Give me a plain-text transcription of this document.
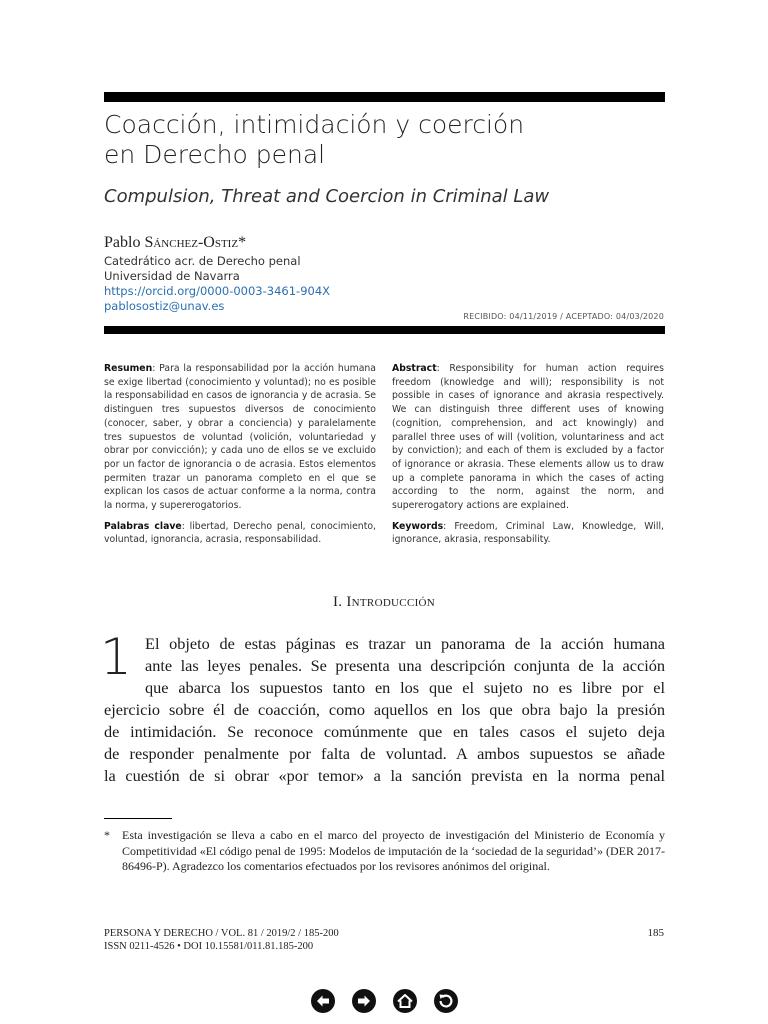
Coacción, intimidación y coerción
en Derecho penal
Compulsion, Threat and Coercion in Criminal Law
Pablo Sánchez-Ostiz*
Catedrático acr. de Derecho penal
Universidad de Navarra
https://orcid.org/0000-0003-3461-904X
pablosostiz@unav.es
RECIBIDO: 04/11/2019 / ACEPTADO: 04/03/2020

Resumen: Para la responsabilidad por la acción humana se exige libertad (conocimiento y voluntad); no es posible la responsabilidad en casos de ignorancia y de acrasia. Se distinguen tres supuestos diversos de conocimiento (conocer, saber, y obrar a conciencia) y paralelamente tres supuestos de voluntad (volición, voluntariedad y obrar por convicción); y cada uno de ellos se ve excluido por un factor de ignorancia o de acrasia. Estos elementos permiten trazar un panorama completo en el que se explican los casos de actuar conforme a la norma, contra la norma, y supererogatorios.

Palabras clave: libertad, Derecho penal, conocimiento, voluntad, ignorancia, acrasia, responsabilidad.

Abstract: Responsibility for human action requires freedom (knowledge and will); responsibility is not possible in cases of ignorance and akrasia respectively. We can distinguish three different uses of knowing (cognition, comprehension, and act knowingly) and parallel three uses of will (volition, voluntariness and act by conviction); and each of them is excluded by a factor of ignorance or akrasia. These elements allow us to draw up a complete panorama in which the cases of acting according to the norm, against the norm, and supererogatory actions are explained.

Keywords: Freedom, Criminal Law, Knowledge, Will, ignorance, akrasia, responsability.

I. Introducción
1 El objeto de estas páginas es trazar un panorama de la acción humana
ante las leyes penales. Se presenta una descripción conjunta de la acción
que abarca los supuestos tanto en los que el sujeto no es libre por el
ejercicio sobre él de coacción, como aquellos en los que obra bajo la presión
de intimidación. Se reconoce comúnmente que en tales casos el sujeto deja
de responder penalmente por falta de voluntad. A ambos supuestos se añade
la cuestión de si obrar «por temor» a la sanción prevista en la norma penal
* Esta investigación se lleva a cabo en el marco del proyecto de investigación del Ministerio de Economía y Competitividad «El código penal de 1995: Modelos de imputación de la ‘sociedad de la seguridad’» (DER 2017-86496-P). Agradezco los comentarios efectuados por los revisores anónimos del original.
PERSONA Y DERECHO / VOL. 81 / 2019/2 / 185-200
ISSN 0211-4526 • DOI 10.15581/011.81.185-200
185
